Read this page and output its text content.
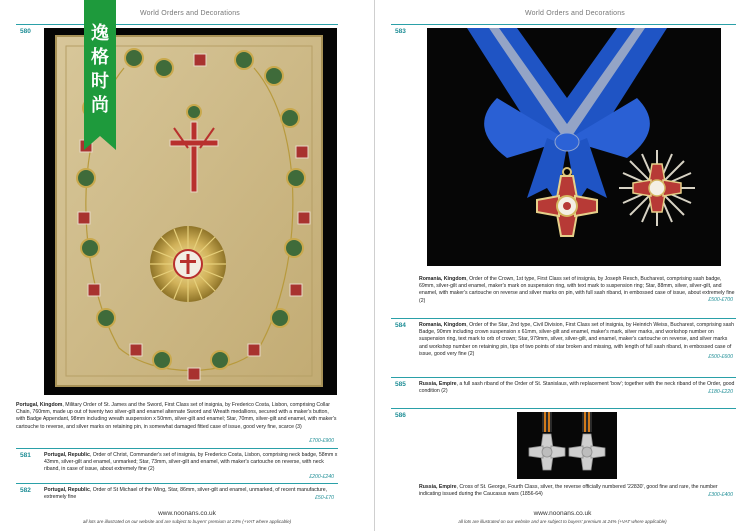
World Orders and Decorations
580
Portugal, Kingdom, Military Order of St. James and the Sword, First Class set of insignia, by Frederico Costa, Lisbon, comprising Collar Chain, 760mm, made up out of twenty two silver-gilt and enamel alternate Sword and Wreath medallions, secured with a maker's button, with Badge Appendant, 98mm including wreath suspension x 50mm, silver-gilt and enamel; Star, 70mm, silver-gilt and enamel, with maker's cartouche to reverse, and silver marks on retaining pin, in somewhat damaged fitted case of issue, good very fine, scarce (3)
£700-£900
581	Portugal, Republic, Order of Christ, Commander's set of insignia, by Frederico Costa, Lisbon, comprising neck badge, 58mm x 43mm, silver-gilt and enamel, unmarked; Star, 73mm, silver-gilt and enamel, with maker's cartouche on reverse, with neck riband, in case of issue, about extremely fine (2)
£200-£240
582	Portugal, Republic, Order of St Michael of the Wing, Star, 86mm, silver-gilt and enamel, unmarked, of recent manufacture, extremely fine	£50-£70
www.noonans.co.uk
all lots are illustrated on our website and are subject to buyers' premium at 24% (+VAT where applicable)
逸
格
时
尚
World Orders and Decorations
583
Romania, Kingdom, Order of the Crown, 1st type, First Class set of insignia, by Joseph Resch, Bucharest, comprising sash badge, 69mm, silver-gilt and enamel, maker's mark on suspension ring, with text mark to suspension ring; Star, 88mm, silver, silver-gilt, and enamel, with maker's cartouche on reverse and silver marks on pin, with full sash riband, in embossed case of issue, about extremely fine (2)	£500-£700
584	Romania, Kingdom, Order of the Star, 2nd type, Civil Division, First Class set of insignia, by Heinrich Weiss, Bucharest, comprising sash Badge, 90mm including crown suspension x 61mm, silver-gilt and enamel, maker's mark, silver marks, and workshop number on suspension ring, text mark to orb of crown; Star, 979mm, silver, silver-gilt, and enamel, maker's cartouche on reverse, and silver marks and workshop number on retaining pin, tips of two points of star broken and missing, with length of full sash riband, in embossed case of issue, good very fine (2)
£500-£600
585	Russia, Empire, a full sash riband of the Order of St. Stanislaus, with replacement 'bow'; together with the neck riband of the Order, good condition (2)	£180-£220
586
Russia, Empire, Cross of St. George, Fourth Class, silver, the reverse officially numbered '22830', good fine and rare, the number indicating issued during the Caucasus wars (1856-64)	£300-£400
www.noonans.co.uk
all lots are illustrated on our website and are subject to buyers' premium at 24% (+VAT where applicable)
